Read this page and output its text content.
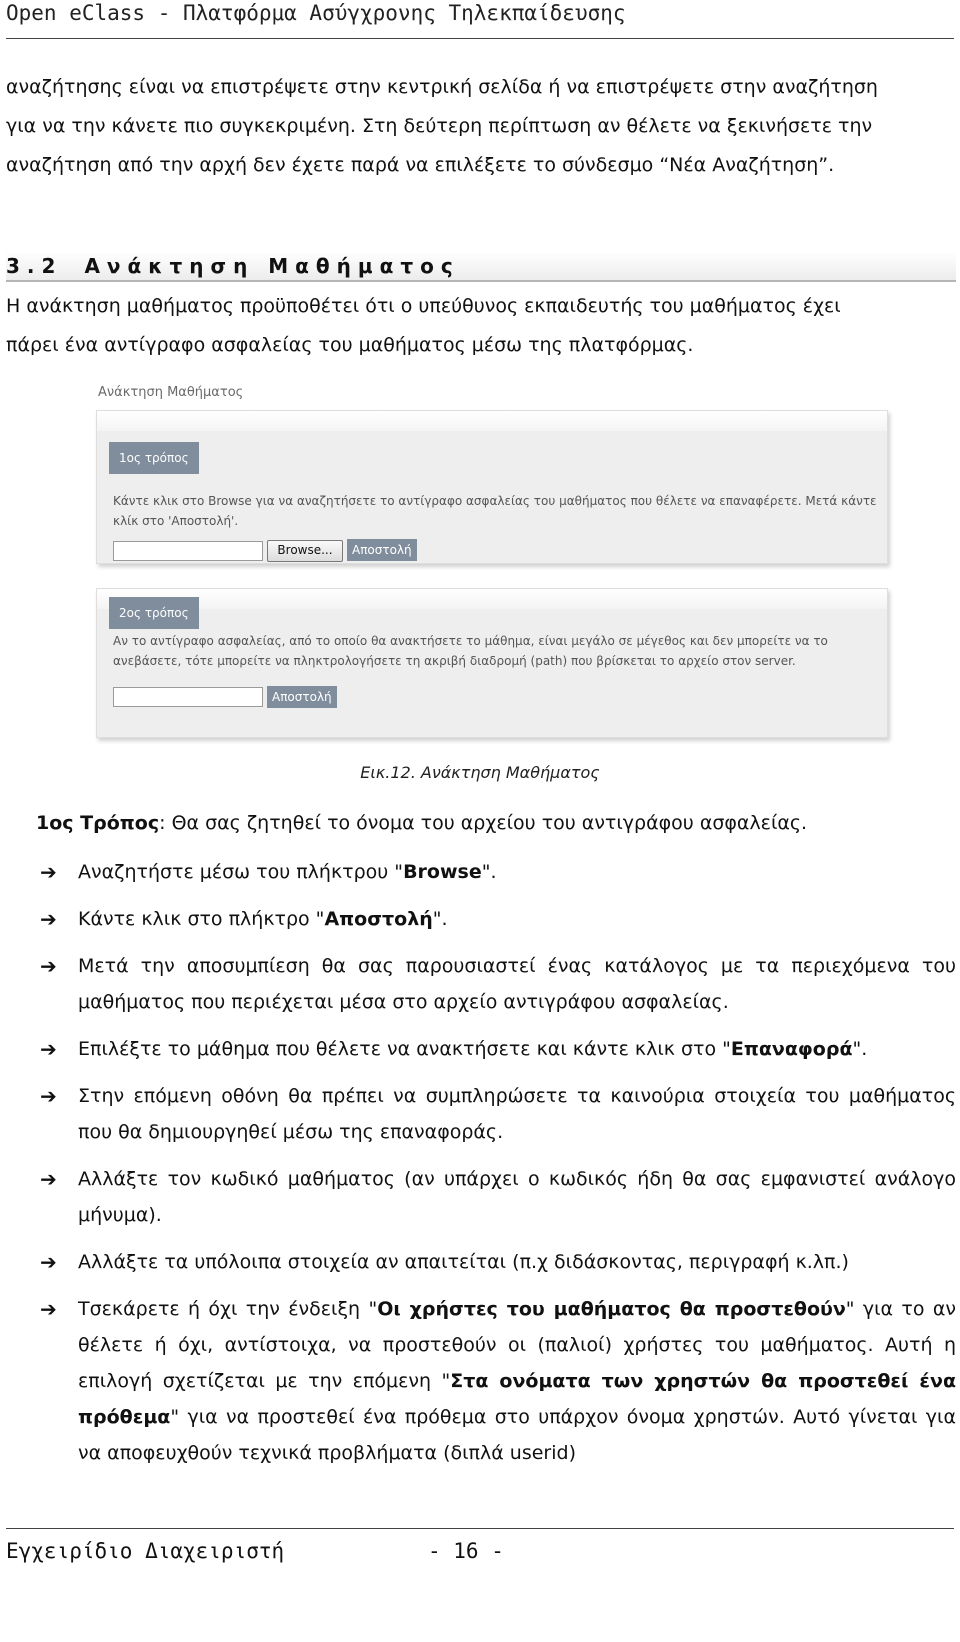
Open eClass - Πλατφόρμα Ασύγχρονης Τηλεκπαίδευσης
αναζήτησης είναι να επιστρέψετε στην κεντρική σελίδα ή να επιστρέψετε στην αναζήτηση
για να την κάνετε πιο συγκεκριμένη. Στη δεύτερη περίπτωση αν θέλετε να ξεκινήσετε την
αναζήτηση από την αρχή δεν έχετε παρά να επιλέξετε το σύνδεσμο “Νέα Αναζήτηση”.
3.2 Ανάκτηση Μαθήματος
Η ανάκτηση μαθήματος προϋποθέτει ότι ο υπεύθυνος εκπαιδευτής του μαθήματος έχει
πάρει ένα αντίγραφο ασφαλείας του μαθήματος μέσω της πλατφόρμας.
Ανάκτηση Μαθήματος
1ος τρόπος
Κάντε κλικ στο Browse για να αναζητήσετε το αντίγραφο ασφαλείας του μαθήματος που θέλετε να επαναφέρετε. Μετά κάντε
κλίκ στο 'Αποστολή'.
Browse...	Αποστολή
2ος τρόπος
Αν το αντίγραφο ασφαλείας, από το οποίο θα ανακτήσετε το μάθημα, είναι μεγάλο σε μέγεθος και δεν μπορείτε να το
ανεβάσετε, τότε μπορείτε να πληκτρολογήσετε τη ακριβή διαδρομή (path) που βρίσκεται το αρχείο στον server.
Αποστολή
Εικ.12. Ανάκτηση Μαθήματος
1ος Τρόπος: Θα σας ζητηθεί το όνομα του αρχείου του αντιγράφου ασφαλείας.

➔ Αναζητήστε μέσω του πλήκτρου "Browse".

➔ Κάντε κλικ στο πλήκτρο "Αποστολή".

➔ Μετά την αποσυμπίεση θα σας παρουσιαστεί ένας κατάλογος με τα περιεχόμενα του μαθήματος που περιέχεται μέσα στο αρχείο αντιγράφου ασφαλείας.

➔ Επιλέξτε το μάθημα που θέλετε να ανακτήσετε και κάντε κλικ στο "Επαναφορά".

➔ Στην επόμενη οθόνη θα πρέπει να συμπληρώσετε τα καινούρια στοιχεία του μαθήματος που θα δημιουργηθεί μέσω της επαναφοράς.

➔ Αλλάξτε τον κωδικό μαθήματος (αν υπάρχει ο κωδικός ήδη θα σας εμφανιστεί ανάλογο μήνυμα).

➔ Αλλάξτε τα υπόλοιπα στοιχεία αν απαιτείται (π.χ διδάσκοντας, περιγραφή κ.λπ.)

➔ Τσεκάρετε ή όχι την ένδειξη "Οι χρήστες του μαθήματος θα προστεθούν" για το αν θέλετε ή όχι, αντίστοιχα, να προστεθούν οι (παλιοί) χρήστες του μαθήματος. Αυτή η επιλογή σχετίζεται με την επόμενη "Στα ονόματα των χρηστών θα προστεθεί ένα πρόθεμα" για να προστεθεί ένα πρόθεμα στο υπάρχον όνομα χρηστών. Αυτό γίνεται για να αποφευχθούν τεχνικά προβλήματα (διπλά userid)

Εγχειρίδιο Διαχειριστή	- 16 -
